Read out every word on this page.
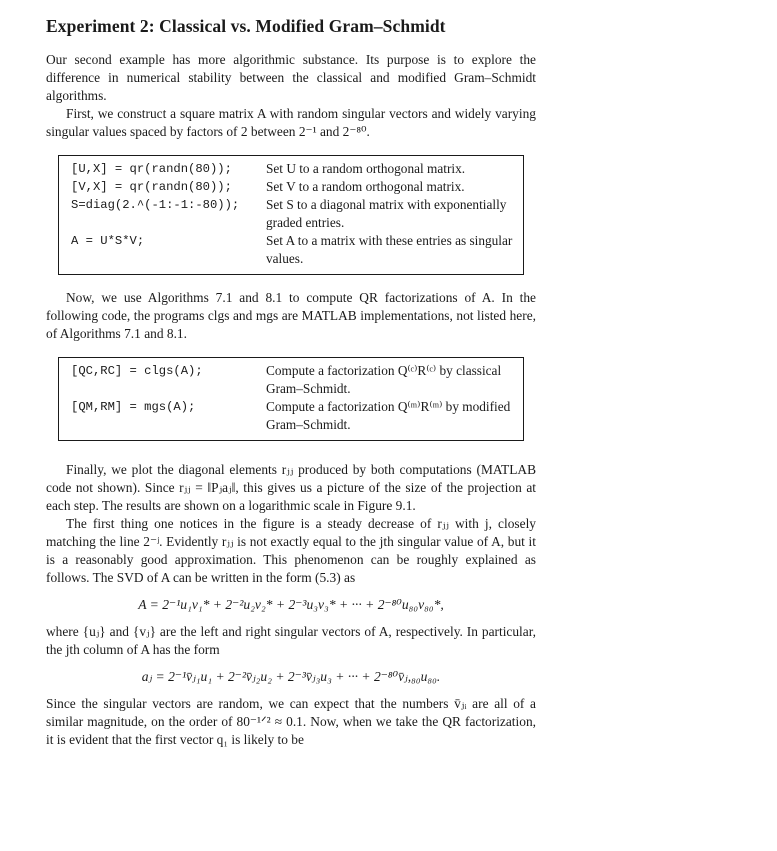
Experiment 2: Classical vs. Modified Gram–Schmidt

Our second example has more algorithmic substance. Its purpose is to explore the difference in numerical stability between the classical and modified Gram–Schmidt algorithms.

First, we construct a square matrix A with random singular vectors and widely varying singular values spaced by factors of 2 between 2⁻¹ and 2⁻⁸⁰.

[U,X] = qr(randn(80));	Set U to a random orthogonal matrix.
[V,X] = qr(randn(80));	Set V to a random orthogonal matrix.
S=diag(2.^(-1:-1:-80));	Set S to a diagonal matrix with exponentially graded entries.
A = U*S*V;	Set A to a matrix with these entries as singular values.

Now, we use Algorithms 7.1 and 8.1 to compute QR factorizations of A. In the following code, the programs clgs and mgs are MATLAB implementations, not listed here, of Algorithms 7.1 and 8.1.

[QC,RC] = clgs(A);	Compute a factorization Q⁽ᶜ⁾R⁽ᶜ⁾ by classical Gram–Schmidt.
[QM,RM] = mgs(A);	Compute a factorization Q⁽ᵐ⁾R⁽ᵐ⁾ by modified Gram–Schmidt.

Finally, we plot the diagonal elements rⱼⱼ produced by both computations (MATLAB code not shown). Since rⱼⱼ = ‖Pⱼaⱼ‖, this gives us a picture of the size of the projection at each step. The results are shown on a logarithmic scale in Figure 9.1.

The first thing one notices in the figure is a steady decrease of rⱼⱼ with j, closely matching the line 2⁻ʲ. Evidently rⱼⱼ is not exactly equal to the jth singular value of A, but it is a reasonably good approximation. This phenomenon can be roughly explained as follows. The SVD of A can be written in the form (5.3) as

A = 2⁻¹u₁v₁* + 2⁻²u₂v₂* + 2⁻³u₃v₃* + ··· + 2⁻⁸⁰u₈₀v₈₀*,

where {uⱼ} and {vⱼ} are the left and right singular vectors of A, respectively. In particular, the jth column of A has the form

aⱼ = 2⁻¹v̄ⱼ₁u₁ + 2⁻²v̄ⱼ₂u₂ + 2⁻³v̄ⱼ₃u₃ + ··· + 2⁻⁸⁰v̄ⱼ,₈₀u₈₀.

Since the singular vectors are random, we can expect that the numbers v̄ⱼᵢ are all of a similar magnitude, on the order of 80⁻¹ᐟ² ≈ 0.1. Now, when we take the QR factorization, it is evident that the first vector q₁ is likely to be
